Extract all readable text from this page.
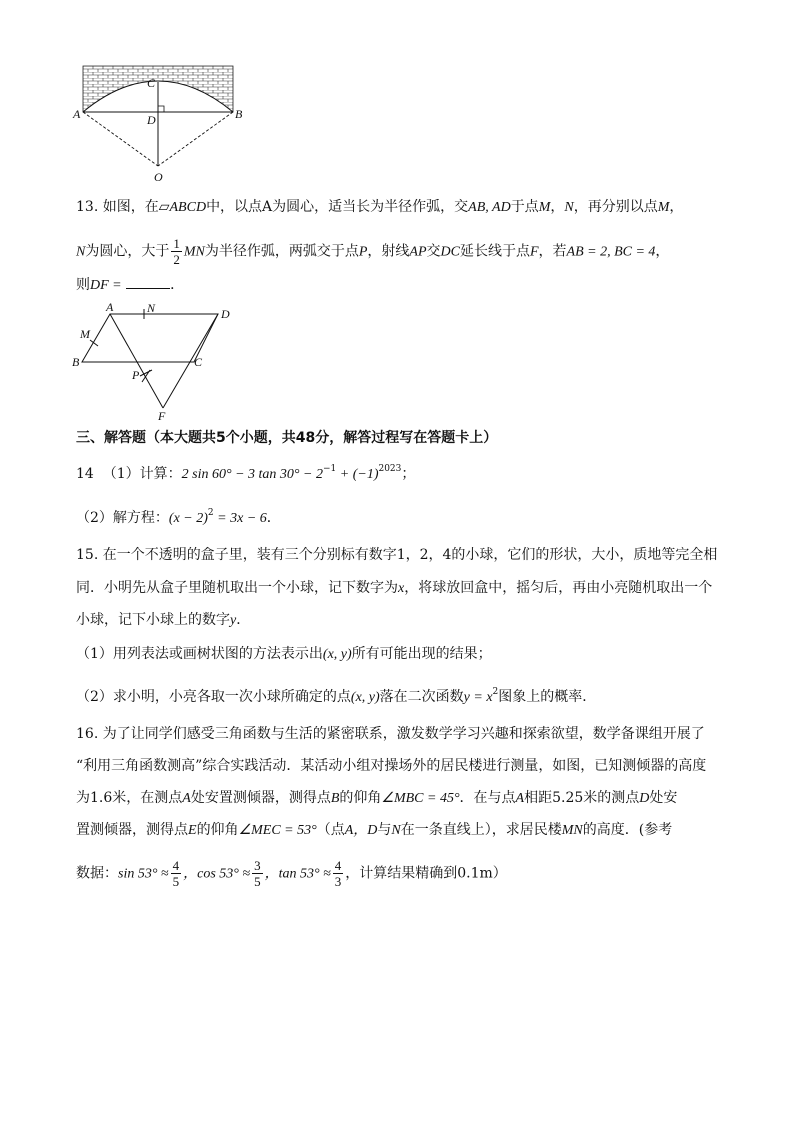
C
A	B
D
O
13. 如图，在▱ABCD中，以点A为圆心，适当长为半径作弧，交AB, AD于点M，N，再分别以点M，
N为圆心，大于 $\frac{1}{2}$ MN为半径作弧，两弧交于点P，射线AP交DC延长线于点F，若AB = 2, BC = 4，
则DF =	．
A	N	D
M
B	C
P
F
三、解答题（本大题共5个小题，共48分，解答过程写在答题卡上）
14 （1）计算：2 sin 60° − 3 $\tan 30^\circ - 2^{-1} + (-1)^{2023}$；
（2）解方程：$(x - 2)^2 = 3x - 6$．
15. 在一个不透明的盒子里，装有三个分别标有数字1，2，4的小球，它们的形状，大小，质地等完全相
同．小明先从盒子里随机取出一个小球，记下数字为x，将球放回盒中，摇匀后，再由小亮随机取出一个
小球，记下小球上的数字y．
（1）用列表法或画树状图的方法表示出(x, y)所有可能出现的结果；
（2）求小明，小亮各取一次小球所确定的点(x, y)落在二次函数$y = x^2$图象上的概率．
16. 为了让同学们感受三角函数与生活的紧密联系，激发数学学习兴趣和探索欲望，数学备课组开展了
“利用三角函数测高”综合实践活动．某活动小组对操场外的居民楼进行测量，如图，已知测倾器的高度
为1.6米，在测点A处安置测倾器，测得点B的仰角∠MBC = 45°．在与点A相距5.25米的测点D处安
置测倾器，测得点E的仰角∠MEC = 53°（点A，D与N在一条直线上），求居民楼MN的高度．(参考
数据：$\sin 53^\circ \approx \frac{4}{5}$ ，$\cos 53^\circ \approx \frac{3}{5}$ ，$\tan 53^\circ \approx \frac{4}{3}$ ，计算结果精确到0.1m）
